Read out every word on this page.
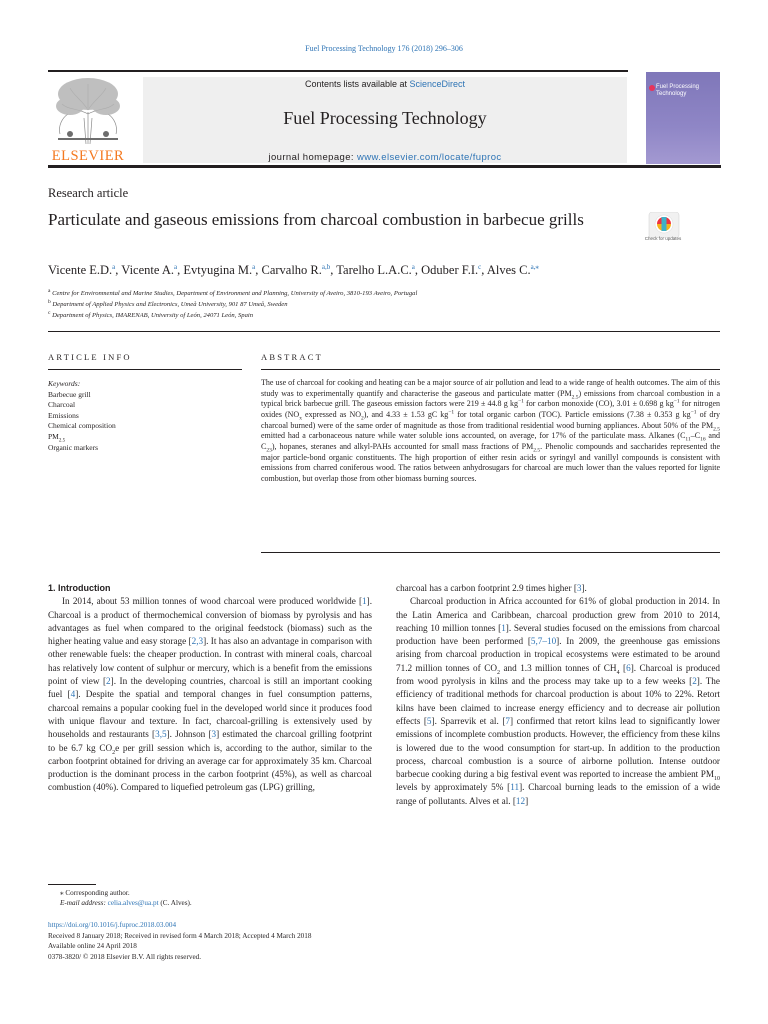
Fuel Processing Technology 176 (2018) 296–306
ELSEVIER
Contents lists available at ScienceDirect
Fuel Processing Technology
journal homepage: www.elsevier.com/locate/fuproc
Fuel Processing Technology
Research article
Particulate and gaseous emissions from charcoal combustion in barbecue grills
Check for updates
Vicente E.D.$^a$, Vicente A.$^a$, Evtyugina M.$^a$, Carvalho R.$^{a,b}$, Tarelho L.A.C.$^a$, Oduber F.I.$^c$, Alves C.$^{a,⁎}$
$^a$ Centre for Environmental and Marine Studies, Department of Environment and Planning, University of Aveiro, 3810-193 Aveiro, Portugal
$^b$ Department of Applied Physics and Electronics, Umeå University, 901 87 Umeå, Sweden
$^c$ Department of Physics, IMARENAB, University of León, 24071 León, Spain
ARTICLE INFO
Keywords:
Barbecue grill
Charcoal
Emissions
Chemical composition
$PM_{2.5}$
Organic markers
ABSTRACT
The use of charcoal for cooking and heating can be a major source of air pollution and lead to a wide range of health outcomes. The aim of this study was to experimentally quantify and characterise the gaseous and particulate matter $(PM_{2.5})$ emissions from charcoal combustion in a typical brick barbecue grill. The gaseous emission factors were 219 ± 44.8 g $kg^{-1}$ for carbon monoxide (CO), 3.01 ± 0.698 g $kg^{-1}$ for nitrogen oxides ($NO_x$ expressed as $NO_2$), and 4.33 ± 1.53 gC $kg^{-1}$ for total organic carbon (TOC). Particle emissions (7.38 ± 0.353 g $kg^{-1}$ of dry charcoal burned) were of the same order of magnitude as those from traditional residential wood burning appliances. About 50% of the $PM_{2.5}$ emitted had a carbonaceous nature while water soluble ions accounted, on average, for 17% of the particulate mass. Alkanes ($C_{11}-C_{16}$ and $C_{23}$), hopanes, steranes and alkyl-PAHs accounted for small mass fractions of $PM_{2.5}$. Phenolic compounds and saccharides represented the major particle-bond organic constituents. The high proportion of either resin acids or syringyl and vanillyl compounds is consistent with emissions from charred coniferous wood. The ratios between anhydrosugars for charcoal are much lower than the values reported for lignite combustion, but overlap those from other biomass burning sources.

1. Introduction

In 2014, about 53 million tonnes of wood charcoal were produced worldwide [1]. Charcoal is a product of thermochemical conversion of biomass by pyrolysis and has advantages as fuel when compared to the original feedstock (biomass) such as the higher heating value and easy storage [2,3]. It has also an advantage in comparison with other renewable fuels: the cheaper production. In contrast with mineral coals, charcoal has relatively low content of sulphur or mercury, which is a benefit from the emissions point of view [2]. In the developing countries, charcoal is still an important cooking fuel [4]. Despite the spatial and temporal changes in fuel consumption patterns, charcoal remains a popular cooking fuel in the developed world since it produces food with unique flavour and texture. In fact, charcoal-grilling is extensively used by households and restaurants [3,5]. Johnson [3] estimated the charcoal grilling footprint to be 6.7 kg $CO_2e$ per grill session which is, according to the author, similar to the carbon footprint obtained for driving an average car for approximately 35 km. Charcoal production is the dominant process in the carbon footprint (45%), as well as charcoal combustion (40%). Compared to liquefied petroleum gas (LPG) grilling,

charcoal has a carbon footprint 2.9 times higher [3].

Charcoal production in Africa accounted for 61% of global production in 2014. In the Latin America and Caribbean, charcoal production grew from 2010 to 2014, reaching 10 million tonnes [1]. Several studies focused on the emissions from charcoal production have been performed [5,7–10]. In 2009, the greenhouse gas emissions arising from charcoal production in tropical ecosystems were estimated to be around 71.2 million tonnes of $CO_2$ and 1.3 million tonnes of $CH_4$ [6]. Charcoal is produced from wood pyrolysis in kilns and the process may take up to a few weeks [2]. The efficiency of traditional methods for charcoal production is about 10% to 22%. Retort kilns have been claimed to increase energy efficiency and to decrease air pollution effects [5]. Sparrevik et al. [7] confirmed that retort kilns lead to significantly lower emissions of incomplete combustion products. However, the efficiency from these kilns is lowered due to the wood consumption for start-up. In addition to the production process, charcoal combustion is a source of airborne pollution. Intense outdoor barbecue cooking during a big festival event was reported to increase the ambient $PM_{10}$ levels by approximately 5% [11]. Charcoal burning leads to the emission of a wide range of pollutants. Alves et al. [12]

⁎ Corresponding author.
E-mail address: celia.alves@ua.pt (C. Alves).
https://doi.org/10.1016/j.fuproc.2018.03.004
Received 8 January 2018; Received in revised form 4 March 2018; Accepted 4 March 2018
Available online 24 April 2018
0378-3820/ © 2018 Elsevier B.V. All rights reserved.
